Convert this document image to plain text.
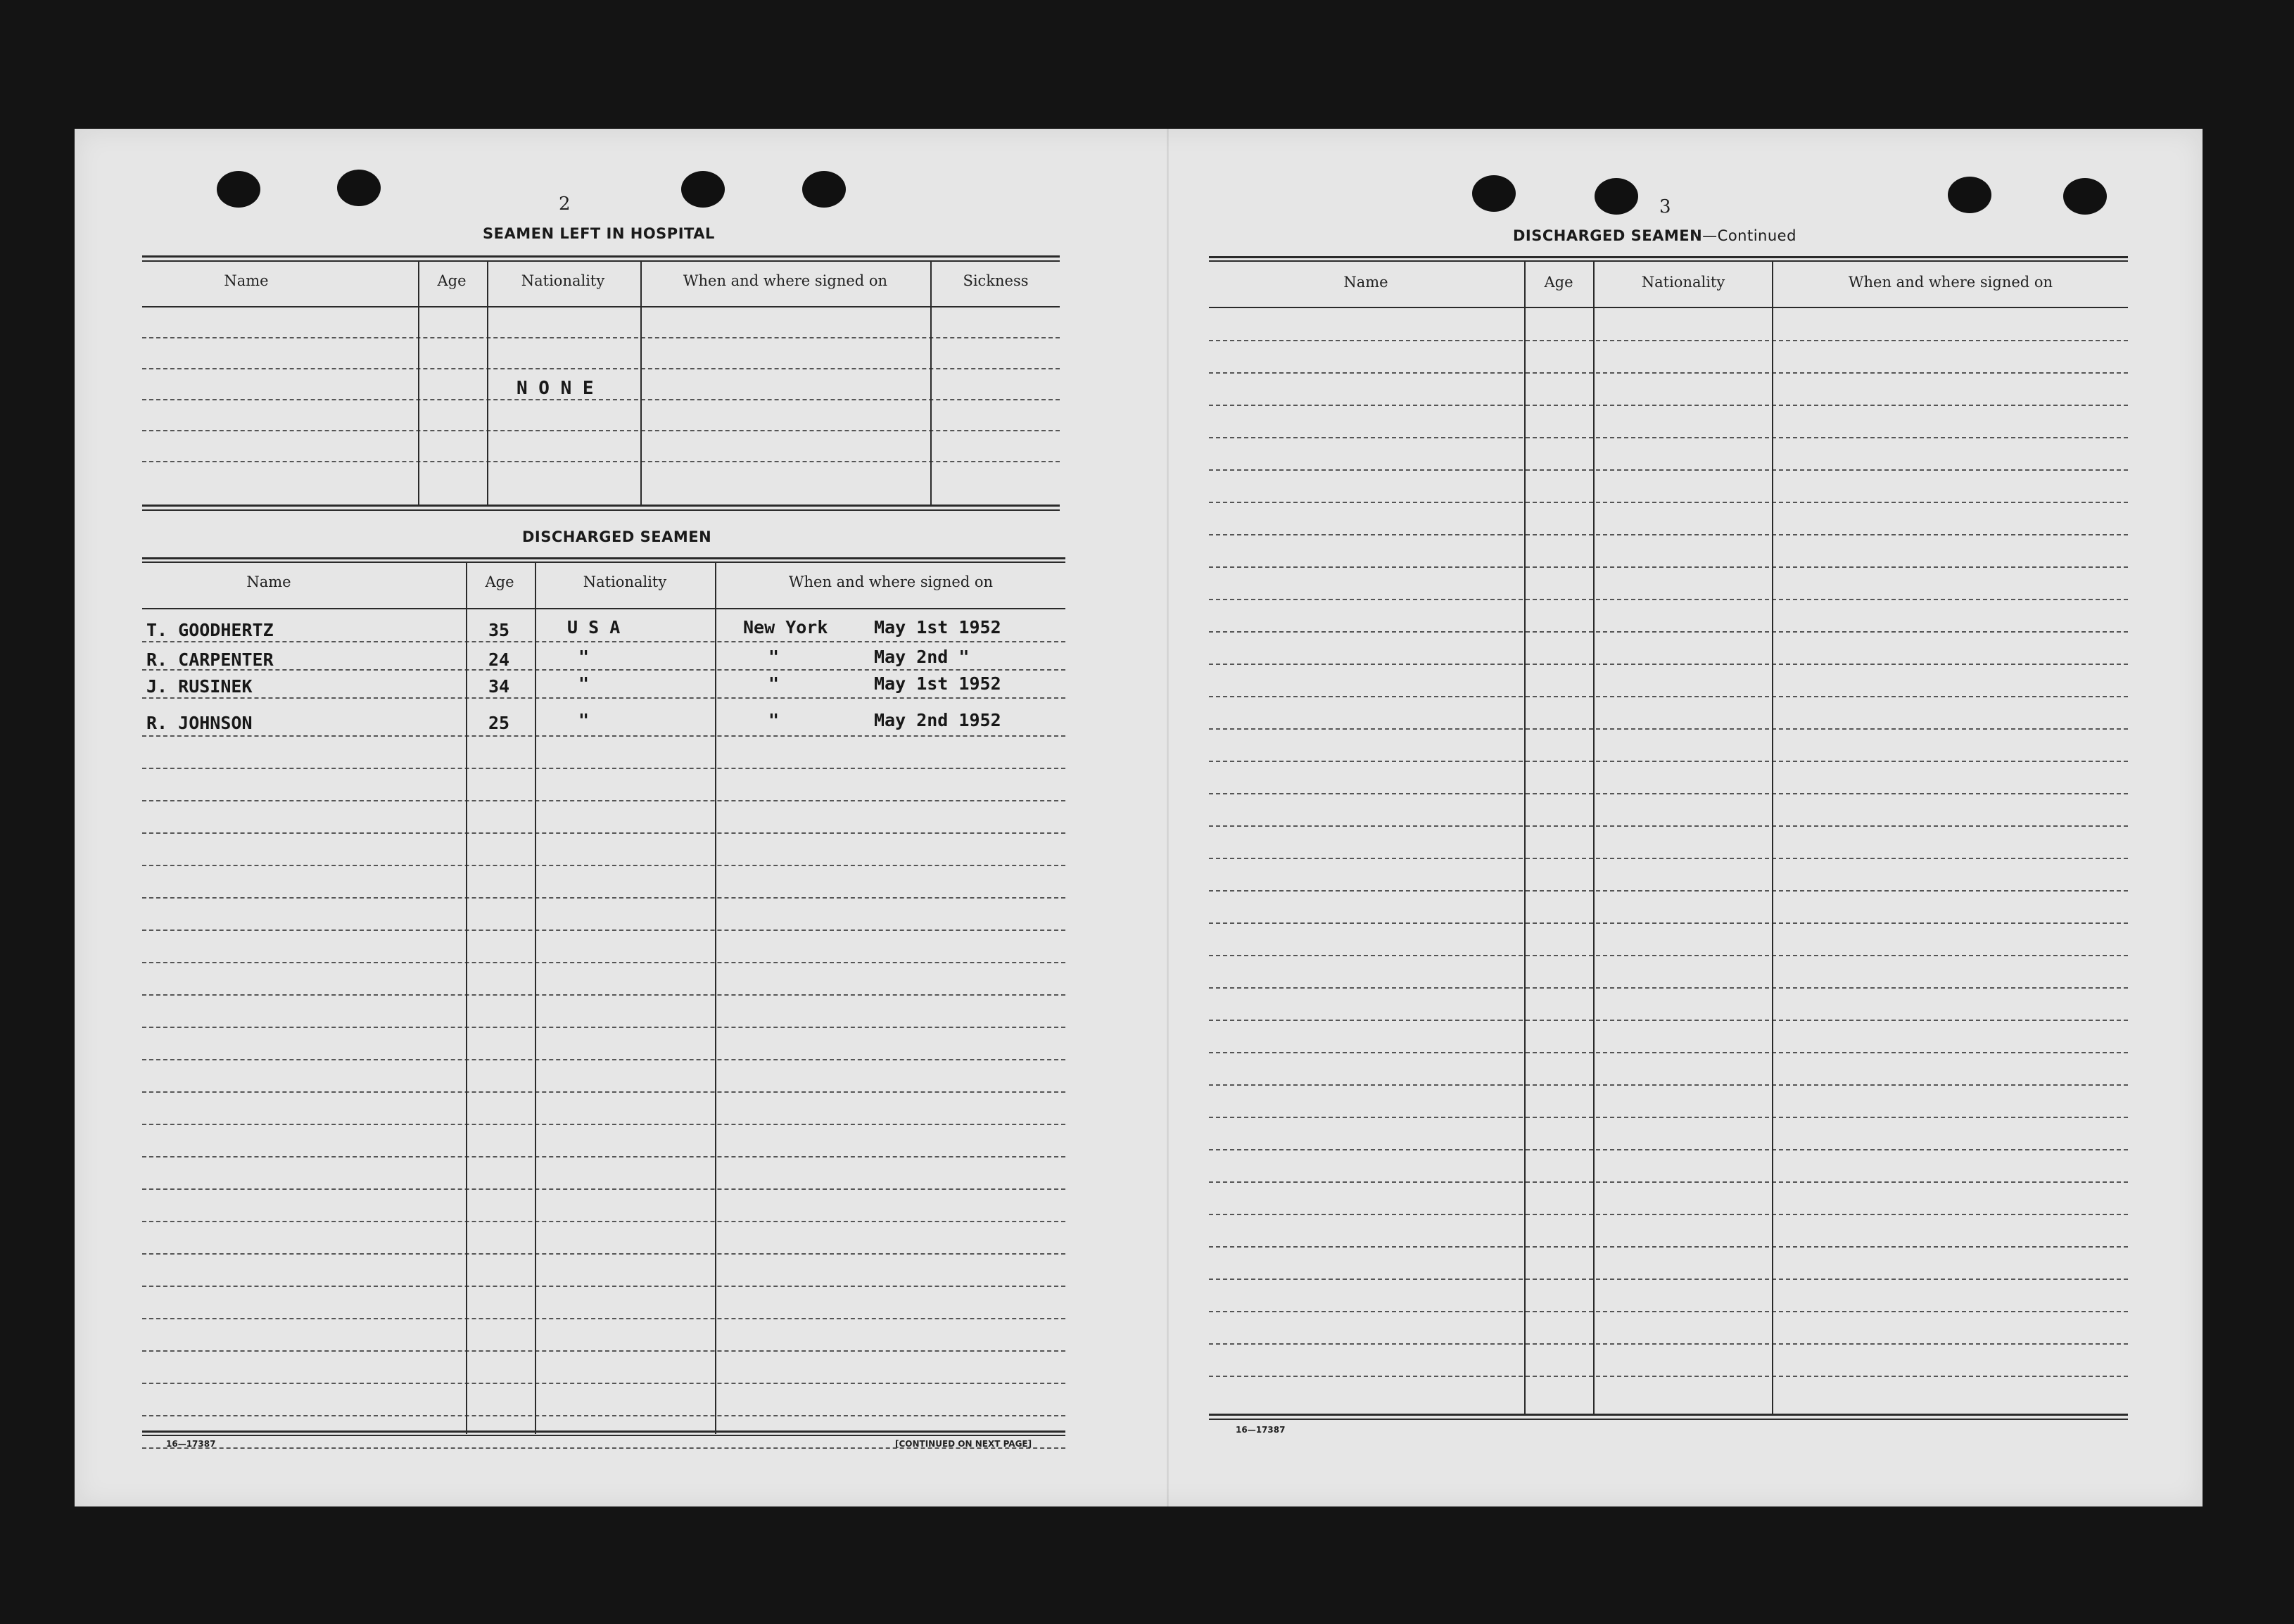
2
SEAMEN LEFT IN HOSPITAL
Name	Age	Nationality	When and where signed on	Sickness
N O N E
DISCHARGED SEAMEN
Name	Age	Nationality	When and where signed on
T. GOODHERTZ	35	U S A	New York	May 1st 1952
R. CARPENTER	24	"	"	May 2nd "
J. RUSINEK	34	"	"	May 1st 1952
R. JOHNSON	25	"	"	May 2nd 1952
16—17387	[CONTINUED ON NEXT PAGE]
3
DISCHARGED SEAMEN—Continued
Name	Age	Nationality	When and where signed on
16—17387
